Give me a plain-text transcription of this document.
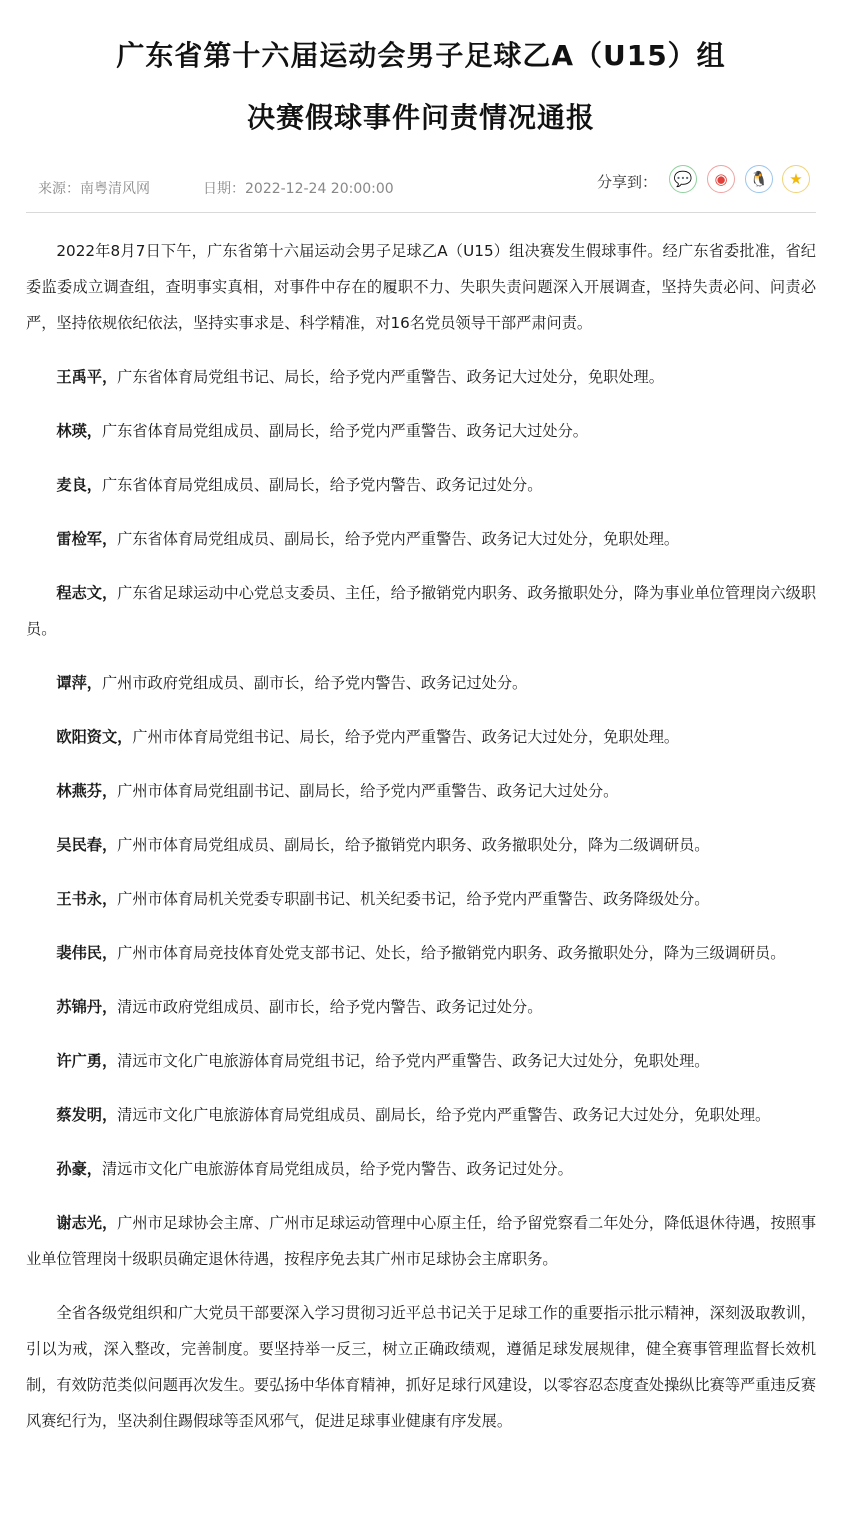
广东省第十六届运动会男子足球乙A（U15）组
决赛假球事件问责情况通报
来源：南粤清风网	日期：2022-12-24 20:00:00	分享到：	💬	◉	🐧	★

2022年8月7日下午，广东省第十六届运动会男子足球乙A（U15）组决赛发生假球事件。经广东省委批准，省纪委监委成立调查组，查明事实真相，对事件中存在的履职不力、失职失责问题深入开展调查，坚持失责必问、问责必严，坚持依规依纪依法，坚持实事求是、科学精准，对16名党员领导干部严肃问责。

王禹平，广东省体育局党组书记、局长，给予党内严重警告、政务记大过处分，免职处理。

林瑛，广东省体育局党组成员、副局长，给予党内严重警告、政务记大过处分。

麦良，广东省体育局党组成员、副局长，给予党内警告、政务记过处分。

雷检军，广东省体育局党组成员、副局长，给予党内严重警告、政务记大过处分，免职处理。

程志文，广东省足球运动中心党总支委员、主任，给予撤销党内职务、政务撤职处分，降为事业单位管理岗六级职员。

谭萍，广州市政府党组成员、副市长，给予党内警告、政务记过处分。

欧阳资文，广州市体育局党组书记、局长，给予党内严重警告、政务记大过处分，免职处理。

林燕芬，广州市体育局党组副书记、副局长，给予党内严重警告、政务记大过处分。

吴民春，广州市体育局党组成员、副局长，给予撤销党内职务、政务撤职处分，降为二级调研员。

王书永，广州市体育局机关党委专职副书记、机关纪委书记，给予党内严重警告、政务降级处分。

裴伟民，广州市体育局竞技体育处党支部书记、处长，给予撤销党内职务、政务撤职处分，降为三级调研员。

苏锦丹，清远市政府党组成员、副市长，给予党内警告、政务记过处分。

许广勇，清远市文化广电旅游体育局党组书记，给予党内严重警告、政务记大过处分，免职处理。

蔡发明，清远市文化广电旅游体育局党组成员、副局长，给予党内严重警告、政务记大过处分，免职处理。

孙豪，清远市文化广电旅游体育局党组成员，给予党内警告、政务记过处分。

谢志光，广州市足球协会主席、广州市足球运动管理中心原主任，给予留党察看二年处分，降低退休待遇，按照事业单位管理岗十级职员确定退休待遇，按程序免去其广州市足球协会主席职务。

全省各级党组织和广大党员干部要深入学习贯彻习近平总书记关于足球工作的重要指示批示精神，深刻汲取教训，引以为戒，深入整改，完善制度。要坚持举一反三，树立正确政绩观，遵循足球发展规律，健全赛事管理监督长效机制，有效防范类似问题再次发生。要弘扬中华体育精神，抓好足球行风建设，以零容忍态度查处操纵比赛等严重违反赛风赛纪行为，坚决刹住踢假球等歪风邪气，促进足球事业健康有序发展。
